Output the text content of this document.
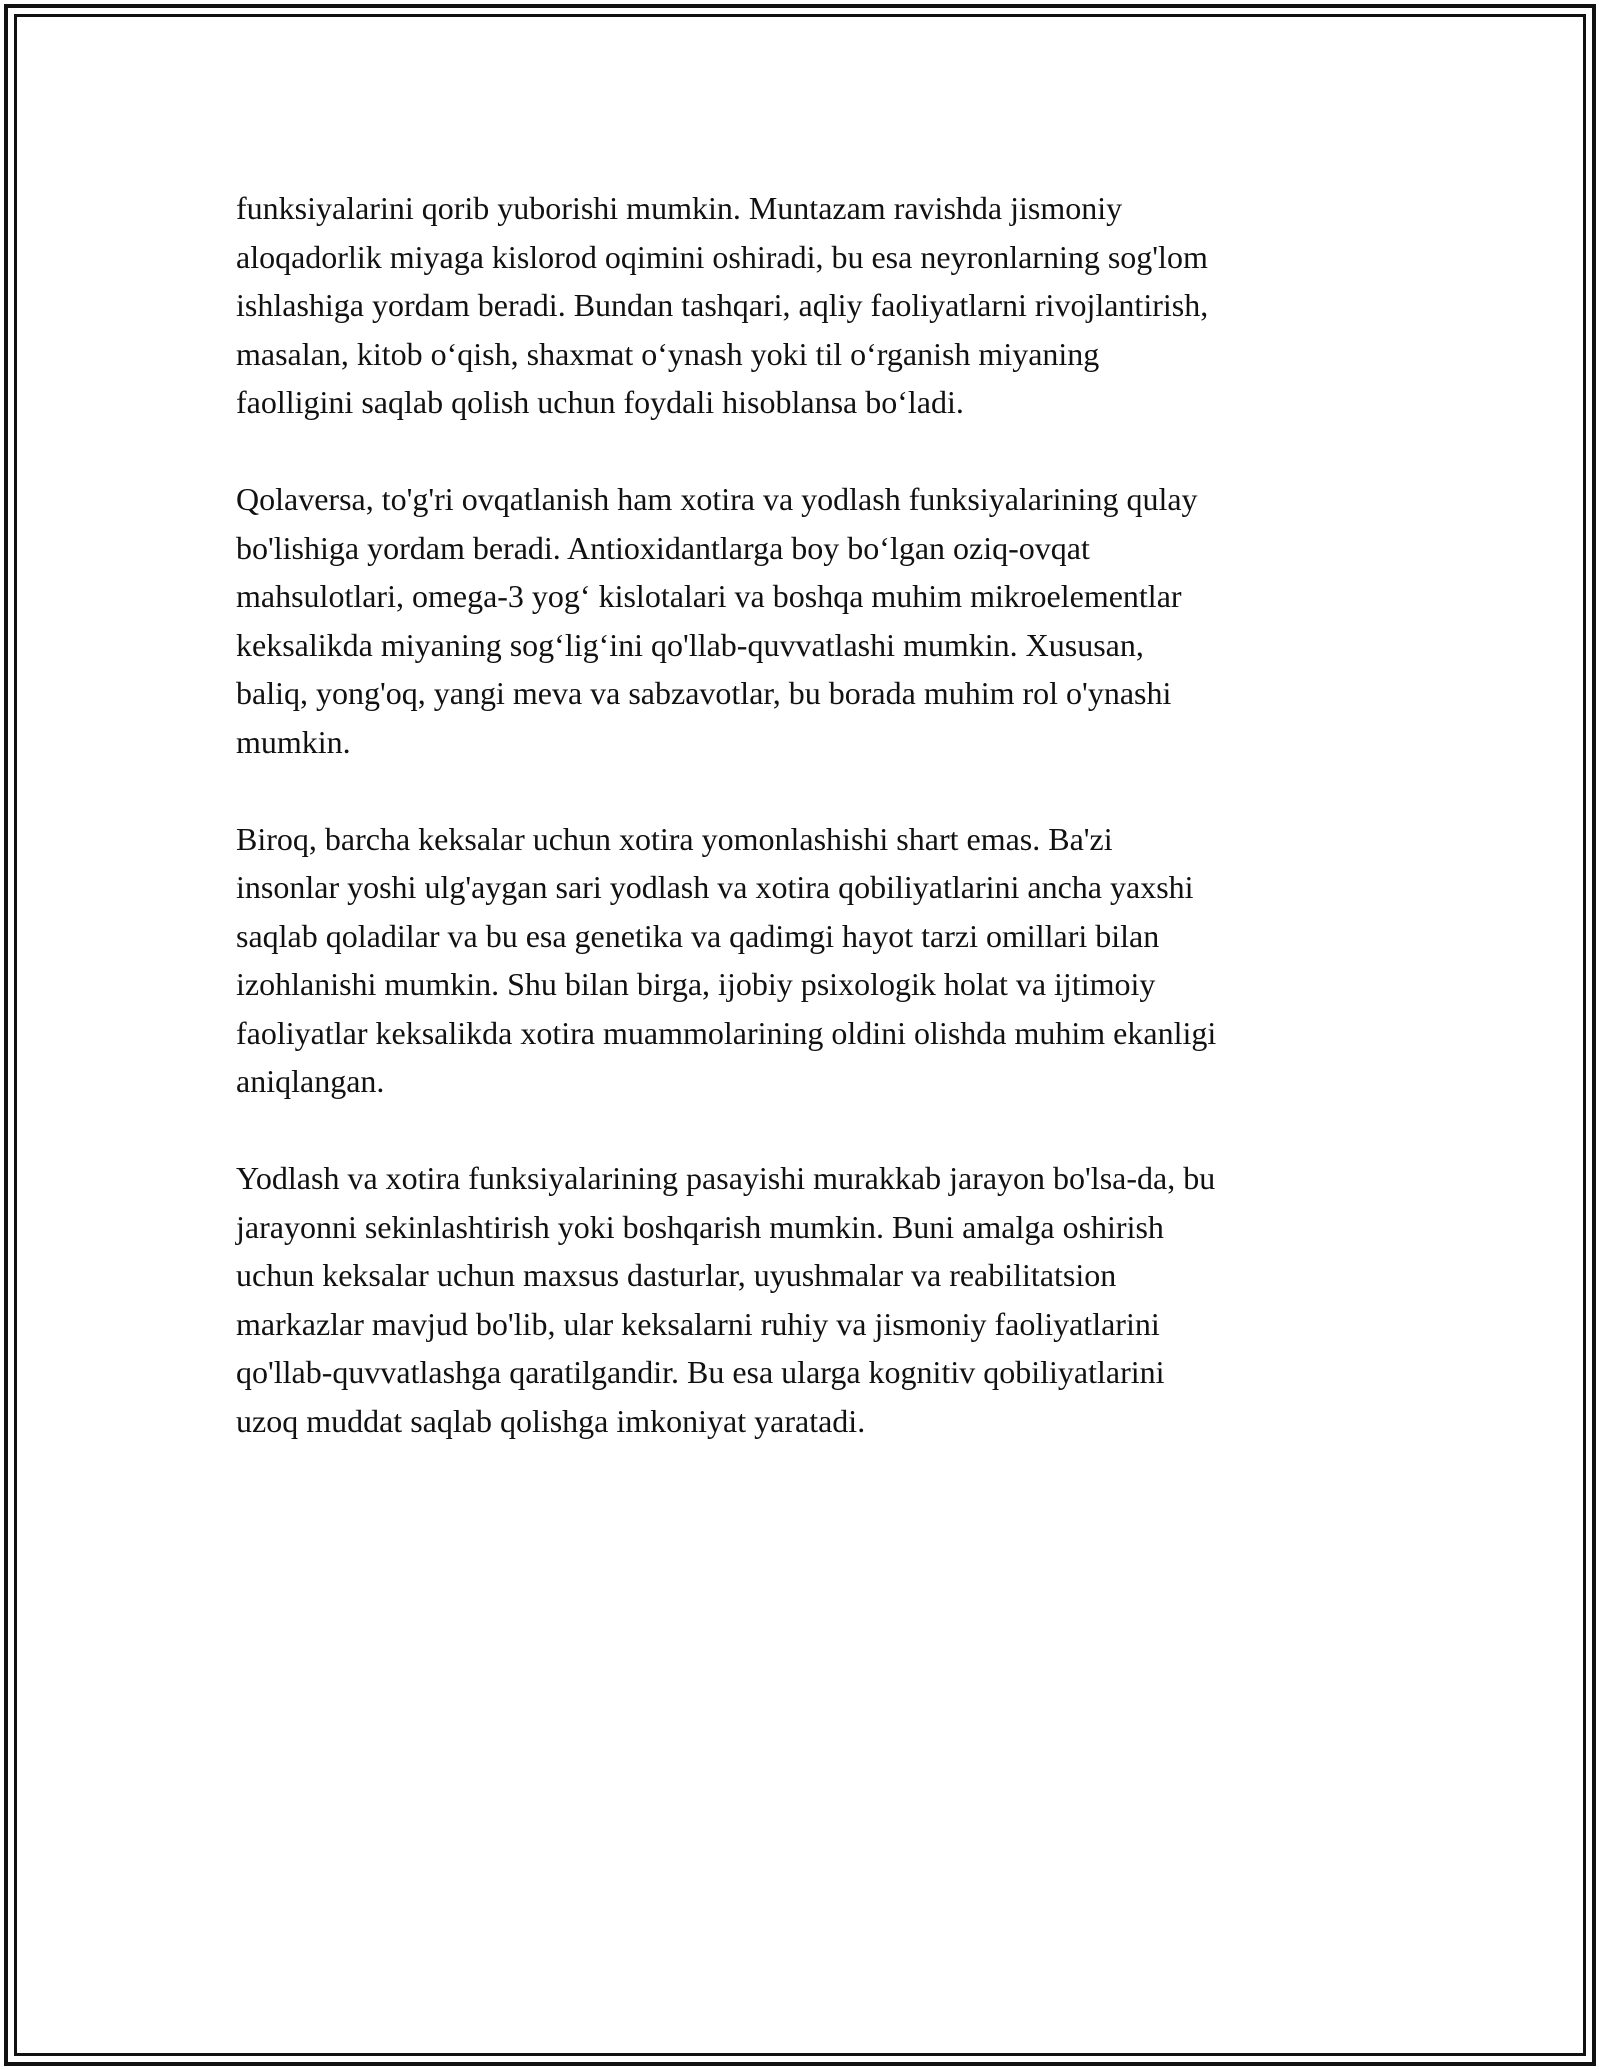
funksiyalarini qorib yuborishi mumkin. Muntazam ravishda jismoniy
aloqadorlik miyaga kislorod oqimini oshiradi, bu esa neyronlarning sog'lom
ishlashiga yordam beradi. Bundan tashqari, aqliy faoliyatlarni rivojlantirish,
masalan, kitob o‘qish, shaxmat o‘ynash yoki til o‘rganish miyaning
faolligini saqlab qolish uchun foydali hisoblansa bo‘ladi.

Qolaversa, to'g'ri ovqatlanish ham xotira va yodlash funksiyalarining qulay
bo'lishiga yordam beradi. Antioxidantlarga boy bo‘lgan oziq-ovqat
mahsulotlari, omega-3 yog‘ kislotalari va boshqa muhim mikroelementlar
keksalikda miyaning sog‘lig‘ini qo'llab-quvvatlashi mumkin. Xususan,
baliq, yong'oq, yangi meva va sabzavotlar, bu borada muhim rol o'ynashi
mumkin.

Biroq, barcha keksalar uchun xotira yomonlashishi shart emas. Ba'zi
insonlar yoshi ulg'aygan sari yodlash va xotira qobiliyatlarini ancha yaxshi
saqlab qoladilar va bu esa genetika va qadimgi hayot tarzi omillari bilan
izohlanishi mumkin. Shu bilan birga, ijobiy psixologik holat va ijtimoiy
faoliyatlar keksalikda xotira muammolarining oldini olishda muhim ekanligi
aniqlangan.

Yodlash va xotira funksiyalarining pasayishi murakkab jarayon bo'lsa-da, bu
jarayonni sekinlashtirish yoki boshqarish mumkin. Buni amalga oshirish
uchun keksalar uchun maxsus dasturlar, uyushmalar va reabilitatsion
markazlar mavjud bo'lib, ular keksalarni ruhiy va jismoniy faoliyatlarini
qo'llab-quvvatlashga qaratilgandir. Bu esa ularga kognitiv qobiliyatlarini
uzoq muddat saqlab qolishga imkoniyat yaratadi.
